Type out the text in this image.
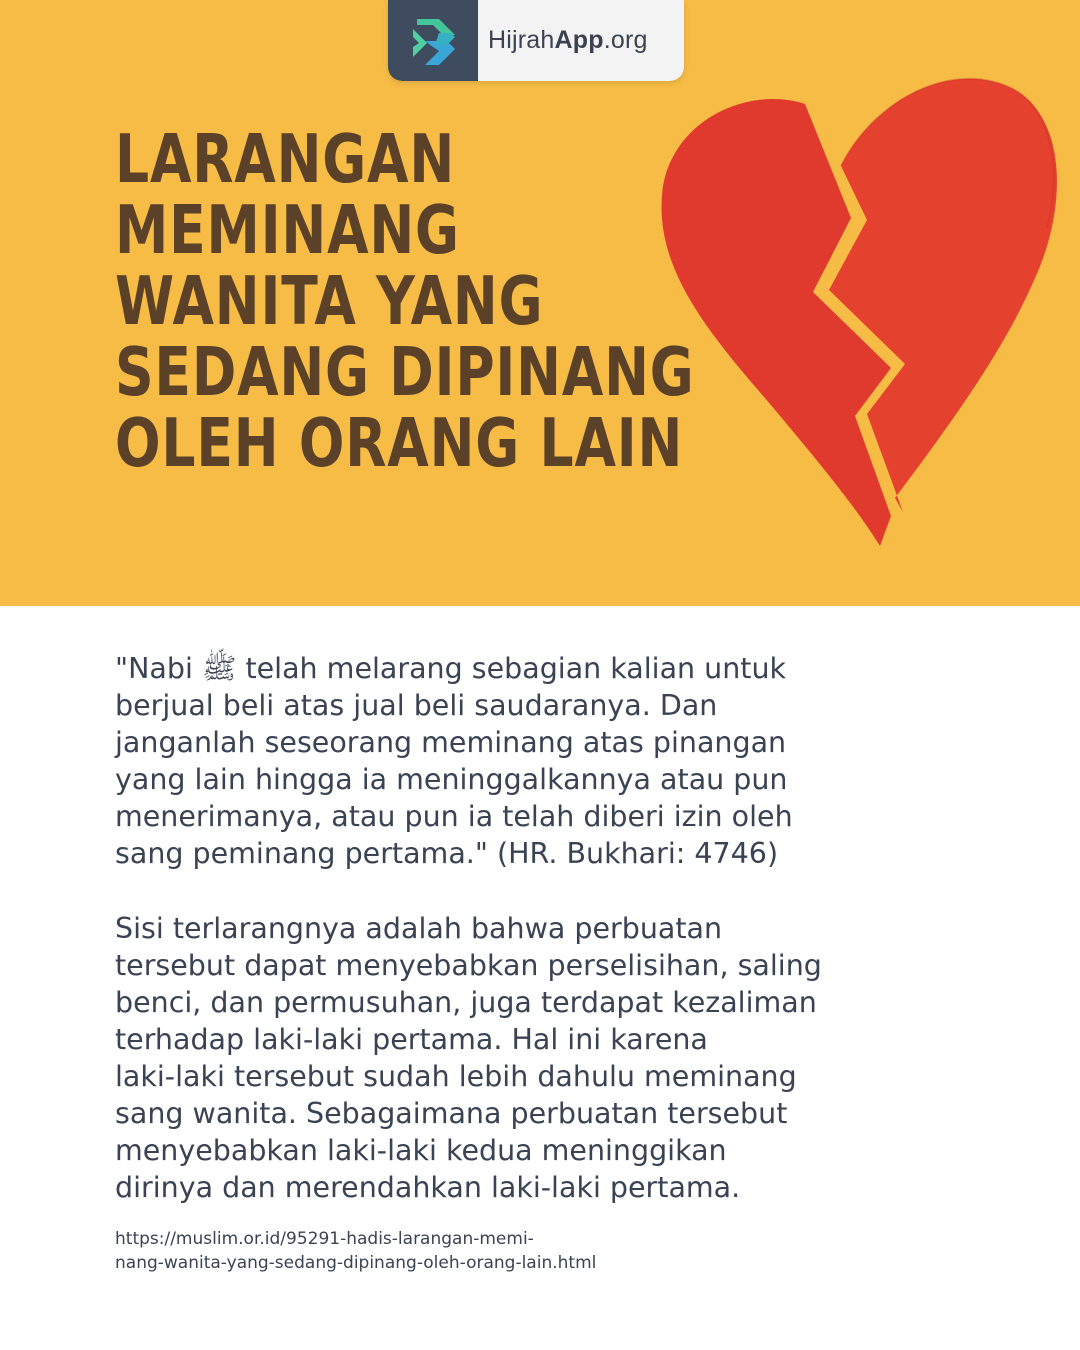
HijrahApp.org
LARANGAN
MEMINANG
WANITA YANG
SEDANG DIPINANG
OLEH ORANG LAIN
"Nabi ﷺ telah melarang sebagian kalian untuk
berjual beli atas jual beli saudaranya. Dan
janganlah seseorang meminang atas pinangan
yang lain hingga ia meninggalkannya atau pun
menerimanya, atau pun ia telah diberi izin oleh
sang peminang pertama." (HR. Bukhari: 4746)
Sisi terlarangnya adalah bahwa perbuatan
tersebut dapat menyebabkan perselisihan, saling
benci, dan permusuhan, juga terdapat kezaliman
terhadap laki-laki pertama. Hal ini karena
laki-laki tersebut sudah lebih dahulu meminang
sang wanita. Sebagaimana perbuatan tersebut
menyebabkan laki-laki kedua meninggikan
dirinya dan merendahkan laki-laki pertama.
https://muslim.or.id/95291-hadis-larangan-memi-
nang-wanita-yang-sedang-dipinang-oleh-orang-lain.html
